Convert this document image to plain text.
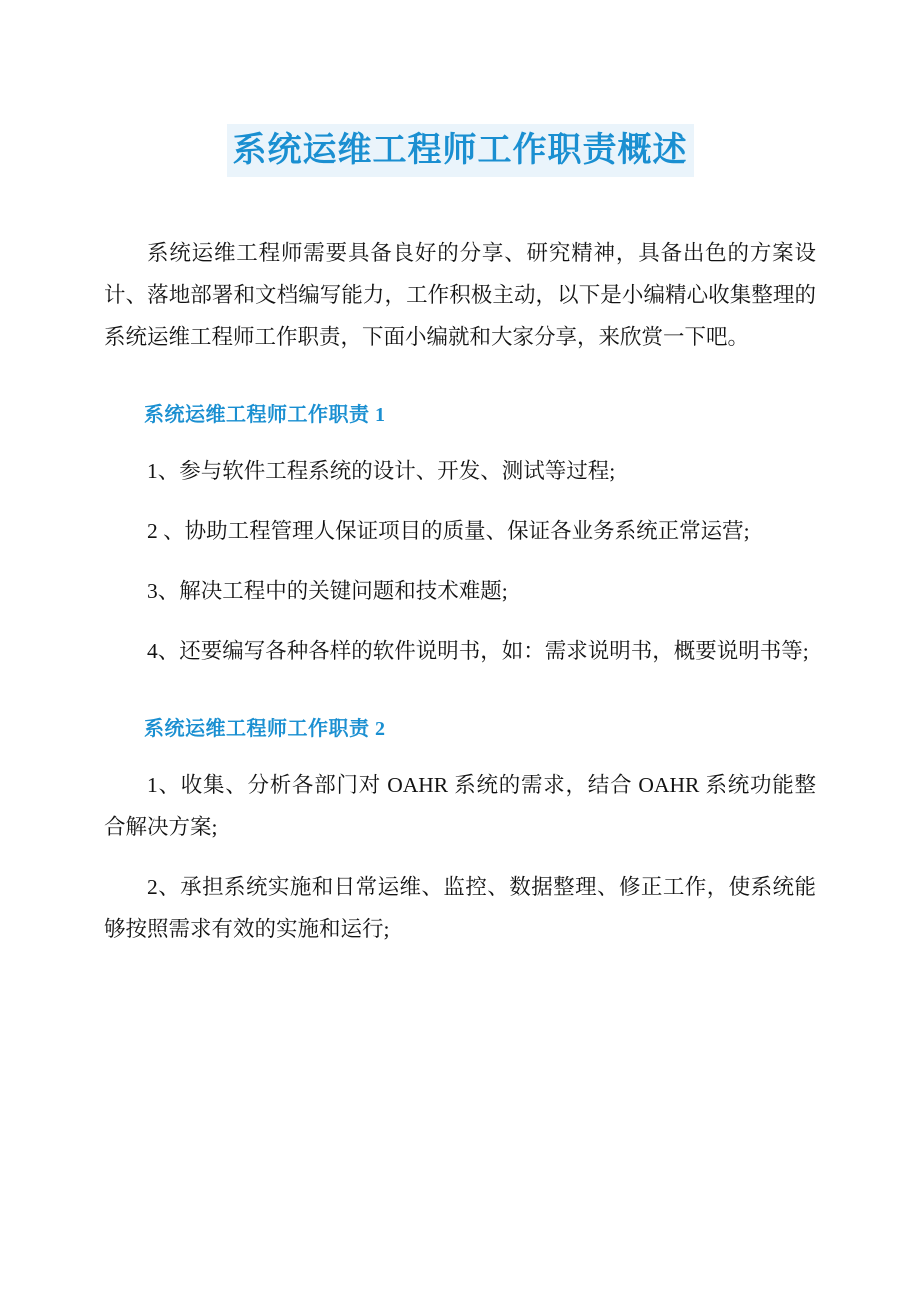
系统运维工程师工作职责概述

系统运维工程师需要具备良好的分享、研究精神，具备出色的方案设计、落地部署和文档编写能力，工作积极主动，以下是小编精心收集整理的系统运维工程师工作职责，下面小编就和大家分享，来欣赏一下吧。

系统运维工程师工作职责 1

1、参与软件工程系统的设计、开发、测试等过程;

2 、协助工程管理人保证项目的质量、保证各业务系统正常运营;

3、解决工程中的关键问题和技术难题;

4、还要编写各种各样的软件说明书，如：需求说明书，概要说明书等;

系统运维工程师工作职责 2

1、收集、分析各部门对 OAHR 系统的需求，结合 OAHR 系统功能整合解决方案;

2、承担系统实施和日常运维、监控、数据整理、修正工作，使系统能够按照需求有效的实施和运行;
